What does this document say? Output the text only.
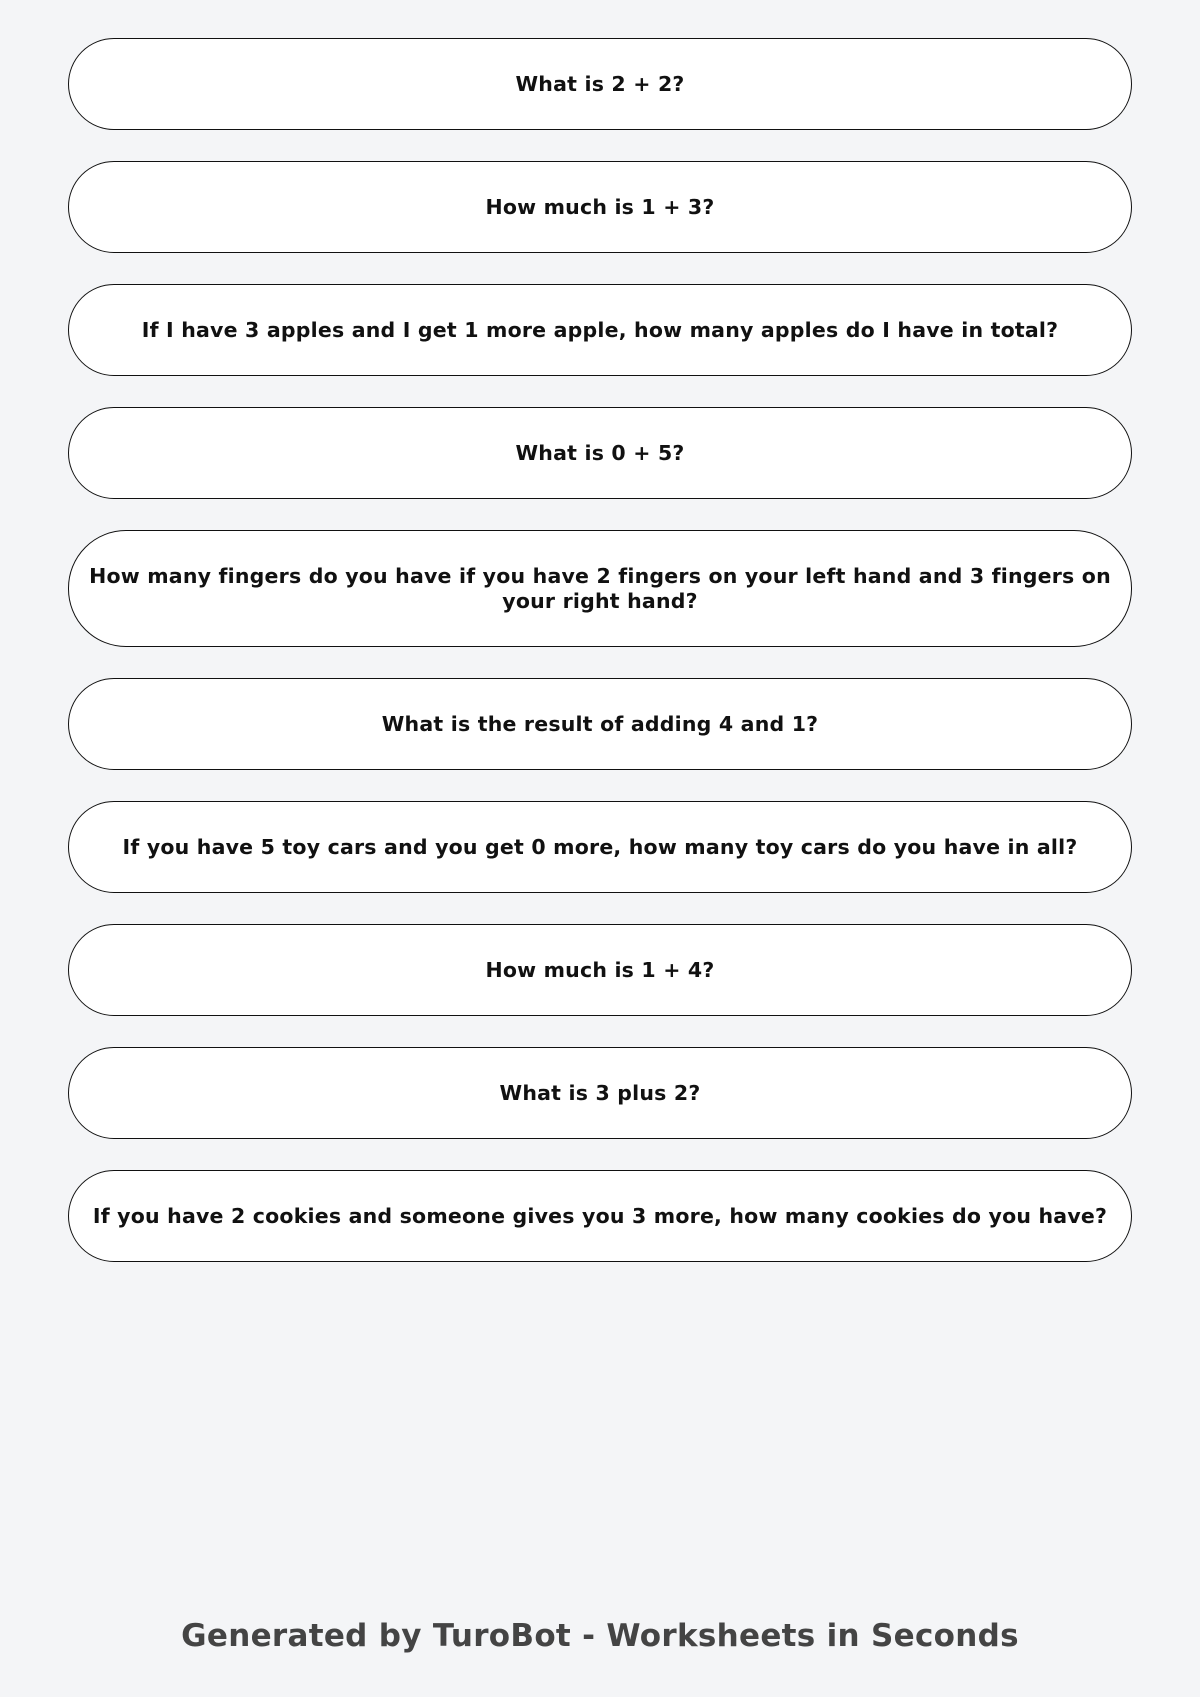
What is 2 + 2?
How much is 1 + 3?
If I have 3 apples and I get 1 more apple, how many apples do I have in total?
What is 0 + 5?
How many fingers do you have if you have 2 fingers on your left hand and 3 fingers on your right hand?
What is the result of adding 4 and 1?
If you have 5 toy cars and you get 0 more, how many toy cars do you have in all?
How much is 1 + 4?
What is 3 plus 2?
If you have 2 cookies and someone gives you 3 more, how many cookies do you have?
Generated by TuroBot - Worksheets in Seconds
